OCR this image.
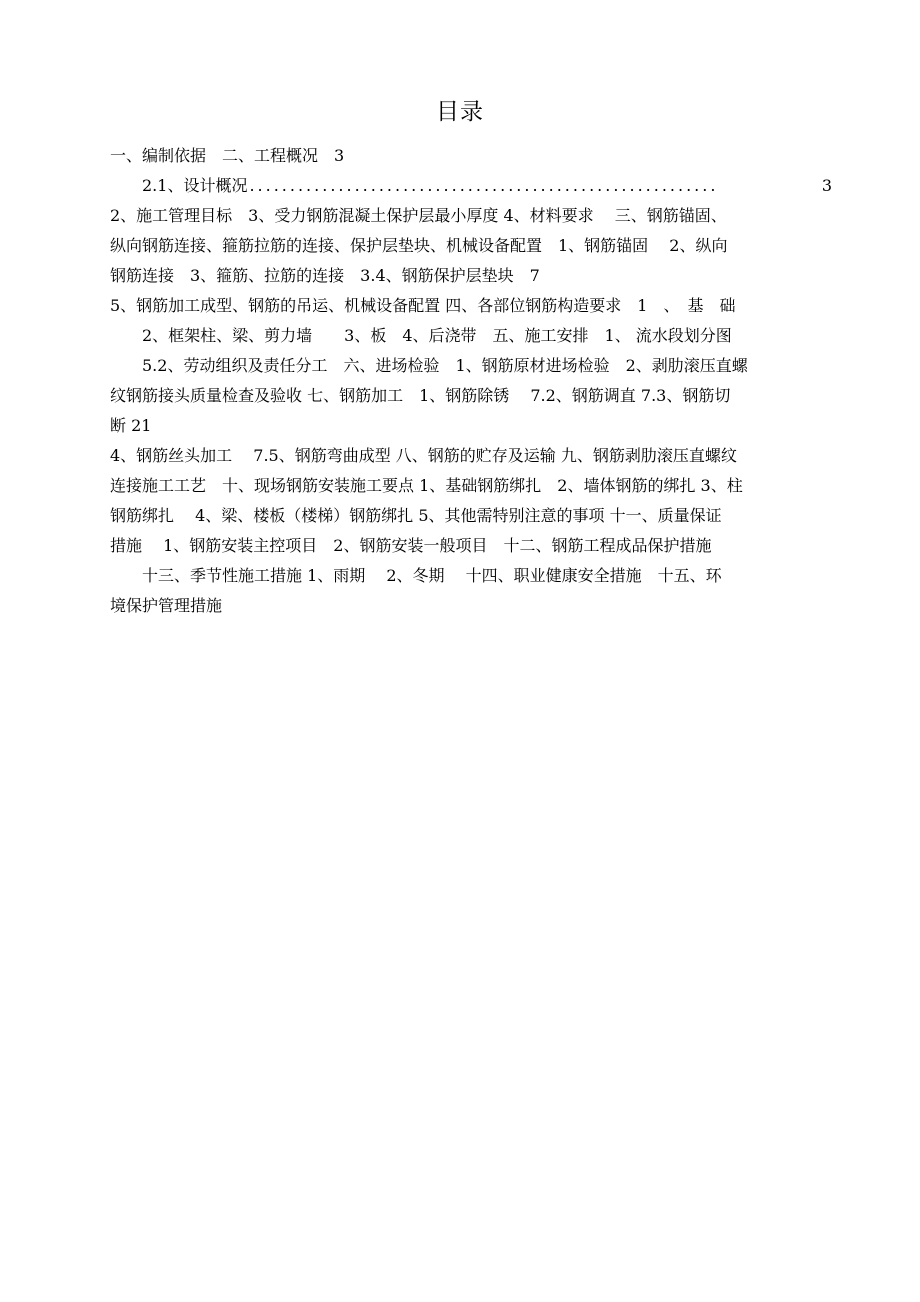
目录
一、编制依据　二、工程概况　3
2.1、设计概况 ..........................................................	3
2、施工管理目标　3、受力钢筋混凝土保护层最小厚度 4、材料要求　 三、钢筋锚固、
纵向钢筋连接、箍筋拉筋的连接、保护层垫块、机械设备配置　1、钢筋锚固　 2、纵向
钢筋连接　3、箍筋、拉筋的连接　3.4、钢筋保护层垫块　7
5、钢筋加工成型、钢筋的吊运、机械设备配置 四、各部位钢筋构造要求　1　、　基　础
2、框架柱、梁、剪力墙　　3、板　4、后浇带　五、施工安排　1、 流水段划分图
5.2、劳动组织及责任分工　六、进场检验　1、钢筋原材进场检验　2、剥肋滚压直螺
纹钢筋接头质量检查及验收 七、钢筋加工　1、钢筋除锈　 7.2、钢筋调直 7.3、钢筋切
断 21
4、钢筋丝头加工　 7.5、钢筋弯曲成型 八、钢筋的贮存及运输 九、钢筋剥肋滚压直螺纹
连接施工工艺　十、现场钢筋安装施工要点 1、基础钢筋绑扎　2、墙体钢筋的绑扎 3、柱
钢筋绑扎　 4、梁、楼板（楼梯）钢筋绑扎 5、其他需特别注意的事项 十一、质量保证
措施　 1、钢筋安装主控项目　2、钢筋安装一般项目　十二、钢筋工程成品保护措施
十三、季节性施工措施 1、雨期　 2、冬期　 十四、职业健康安全措施　十五、环
境保护管理措施
